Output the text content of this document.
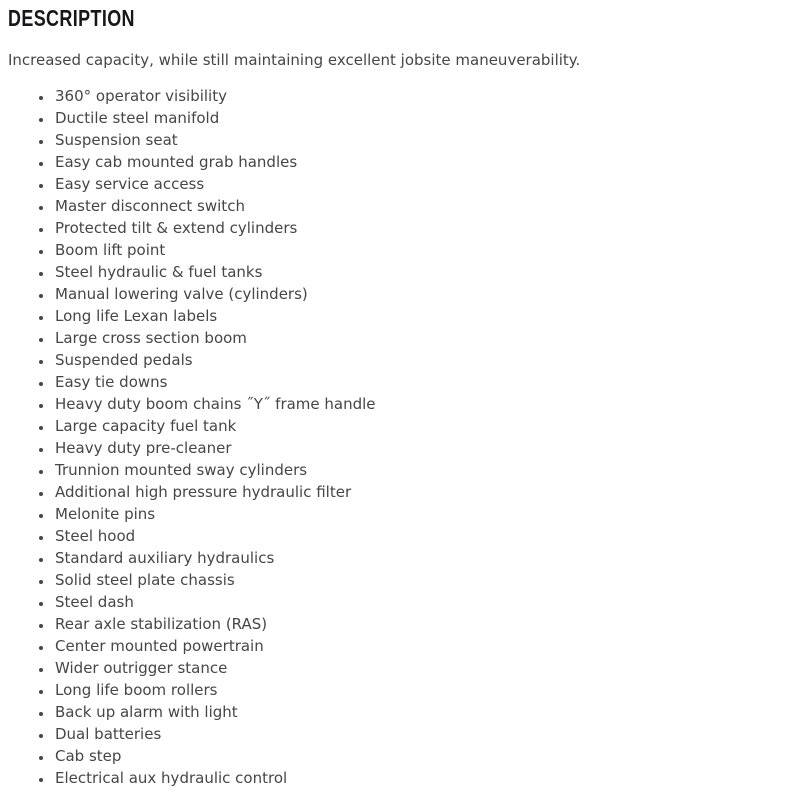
DESCRIPTION

Increased capacity, while still maintaining excellent jobsite maneuverability.

• 360° operator visibility
• Ductile steel manifold
• Suspension seat
• Easy cab mounted grab handles
• Easy service access
• Master disconnect switch
• Protected tilt & extend cylinders
• Boom lift point
• Steel hydraulic & fuel tanks
• Manual lowering valve (cylinders)
• Long life Lexan labels
• Large cross section boom
• Suspended pedals
• Easy tie downs
• Heavy duty boom chains ˝Y˝ frame handle
• Large capacity fuel tank
• Heavy duty pre-cleaner
• Trunnion mounted sway cylinders
• Additional high pressure hydraulic filter
• Melonite pins
• Steel hood
• Standard auxiliary hydraulics
• Solid steel plate chassis
• Steel dash
• Rear axle stabilization (RAS)
• Center mounted powertrain
• Wider outrigger stance
• Long life boom rollers
• Back up alarm with light
• Dual batteries
• Cab step
• Electrical aux hydraulic control
